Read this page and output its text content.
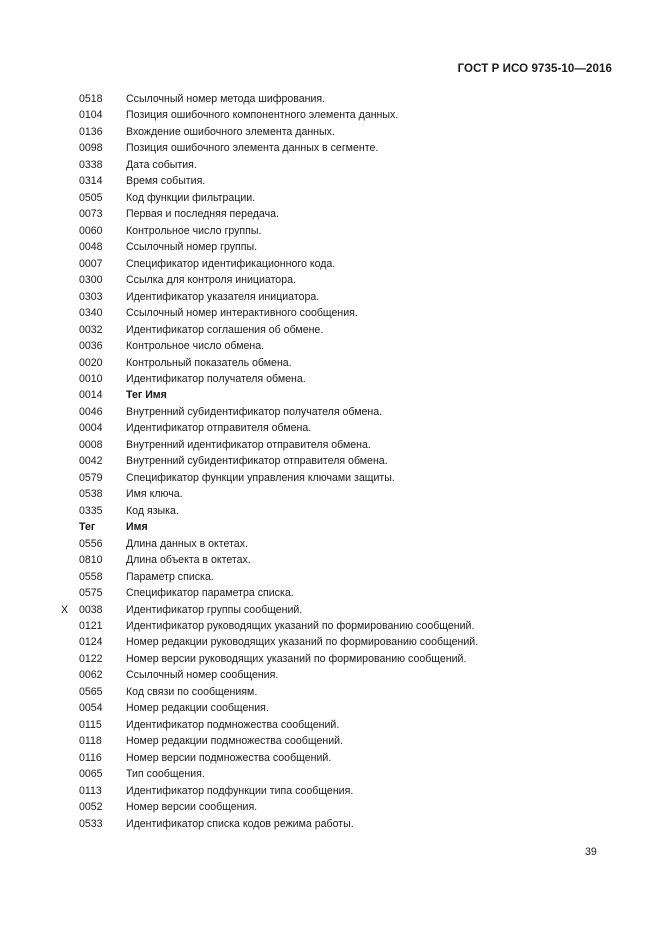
ГОСТ Р ИСО 9735-10—2016
0518 Ссылочный номер метода шифрования.
0104 Позиция ошибочного компонентного элемента данных.
0136 Вхождение ошибочного элемента данных.
0098 Позиция ошибочного элемента данных в сегменте.
0338 Дата события.
0314 Время события.
0505 Код функции фильтрации.
0073 Первая и последняя передача.
0060 Контрольное число группы.
0048 Ссылочный номер группы.
0007 Спецификатор идентификационного кода.
0300 Ссылка для контроля инициатора.
0303 Идентификатор указателя инициатора.
0340 Ссылочный номер интерактивного сообщения.
0032 Идентификатор соглашения об обмене.
0036 Контрольное число обмена.
0020 Контрольный показатель обмена.
0010 Идентификатор получателя обмена.
0014 Тег Имя
0046 Внутренний субидентификатор получателя обмена.
0004 Идентификатор отправителя обмена.
0008 Внутренний идентификатор отправителя обмена.
0042 Внутренний субидентификатор отправителя обмена.
0579 Спецификатор функции управления ключами защиты.
0538 Имя ключа.
0335 Код языка.
Тег	Имя
0556 Длина данных в октетах.
0810 Длина объекта в октетах.
0558 Параметр списка.
0575 Спецификатор параметра списка.
X 0038 Идентификатор группы сообщений.
0121 Идентификатор руководящих указаний по формированию сообщений.
0124 Номер редакции руководящих указаний по формированию сообщений.
0122 Номер версии руководящих указаний по формированию сообщений.
0062 Ссылочный номер сообщения.
0565 Код связи по сообщениям.
0054 Номер редакции сообщения.
0115 Идентификатор подмножества сообщений.
0118 Номер редакции подмножества сообщений.
0116 Номер версии подмножества сообщений.
0065 Тип сообщения.
0113 Идентификатор подфункции типа сообщения.
0052 Номер версии сообщения.
0533 Идентификатор списка кодов режима работы.
39
